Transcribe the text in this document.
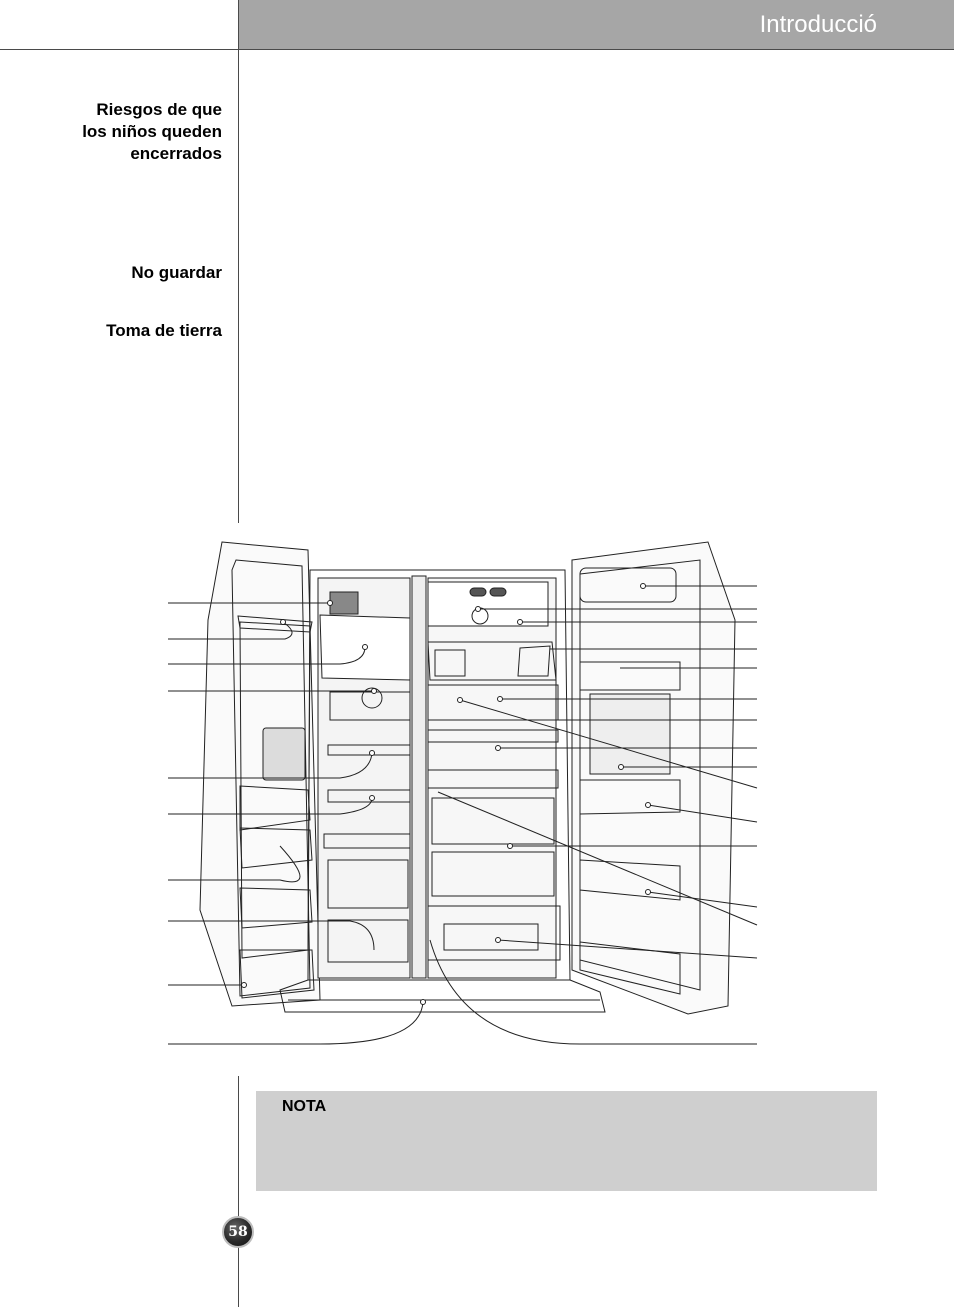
Introducció
Riesgos de que
los niños queden
encerrados
No guardar
Toma de tierra
NOTA
58
